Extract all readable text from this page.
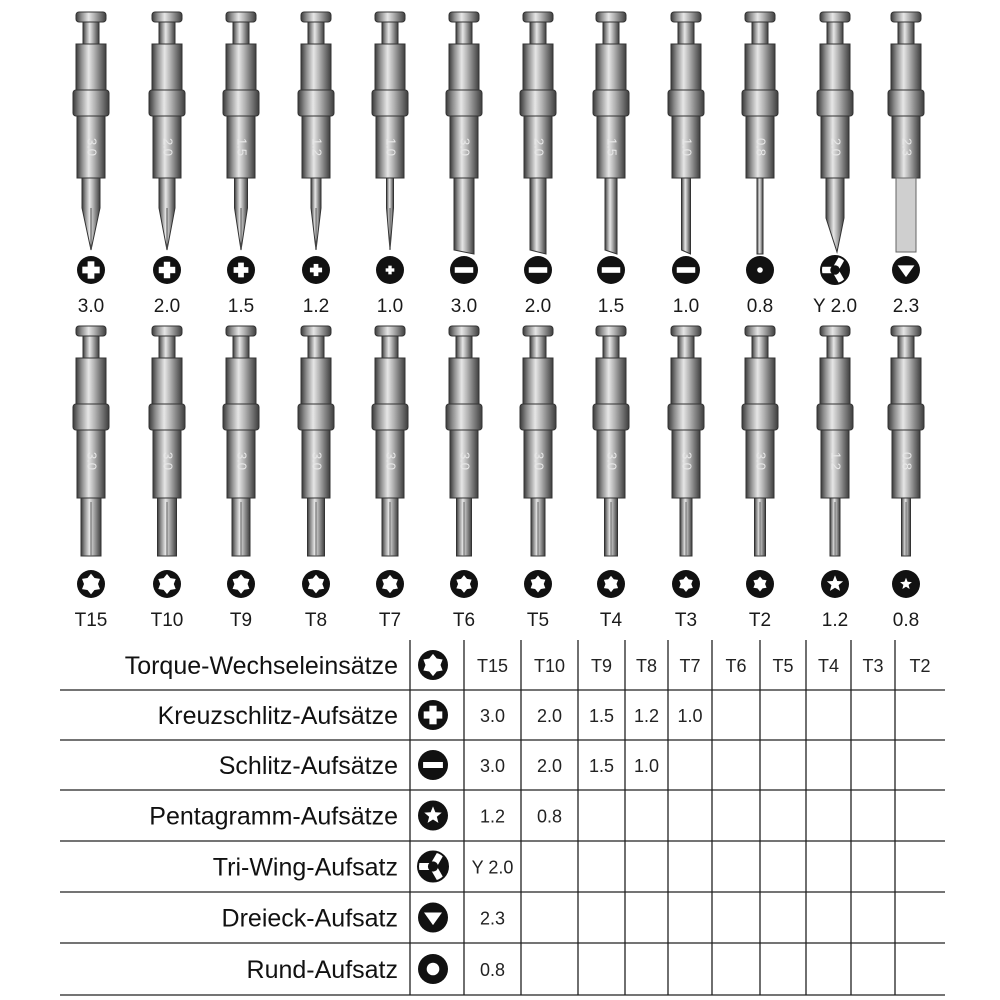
3.0
3.0
2.0
2.0
1.5
1.5
1.2
1.2
1.0
1.0
3.0
3.0
2.0
2.0
1.5
1.5
1.0
1.0
0.8
0.8
2.0
Y 2.0
2.3
2.3
3.0
T15
3.0
T10
3.0
T9
3.0
T8
3.0
T7
3.0
T6
3.0
T5
3.0
T4
3.0
T3
3.0
T2
1.2
1.2
0.8
0.8
Torque-Wechseleinsätze	T15 T10 T9 T8 T7 T6 T5 T4 T3 T2
Kreuzschlitz-Aufsätze	3.0 2.0 1.5 1.2 1.0
Schlitz-Aufsätze	3.0 2.0 1.5 1.0
Pentagramm-Aufsätze	1.2 0.8
Tri-Wing-Aufsatz	Y 2.0
Dreieck-Aufsatz	2.3
Rund-Aufsatz	0.8
